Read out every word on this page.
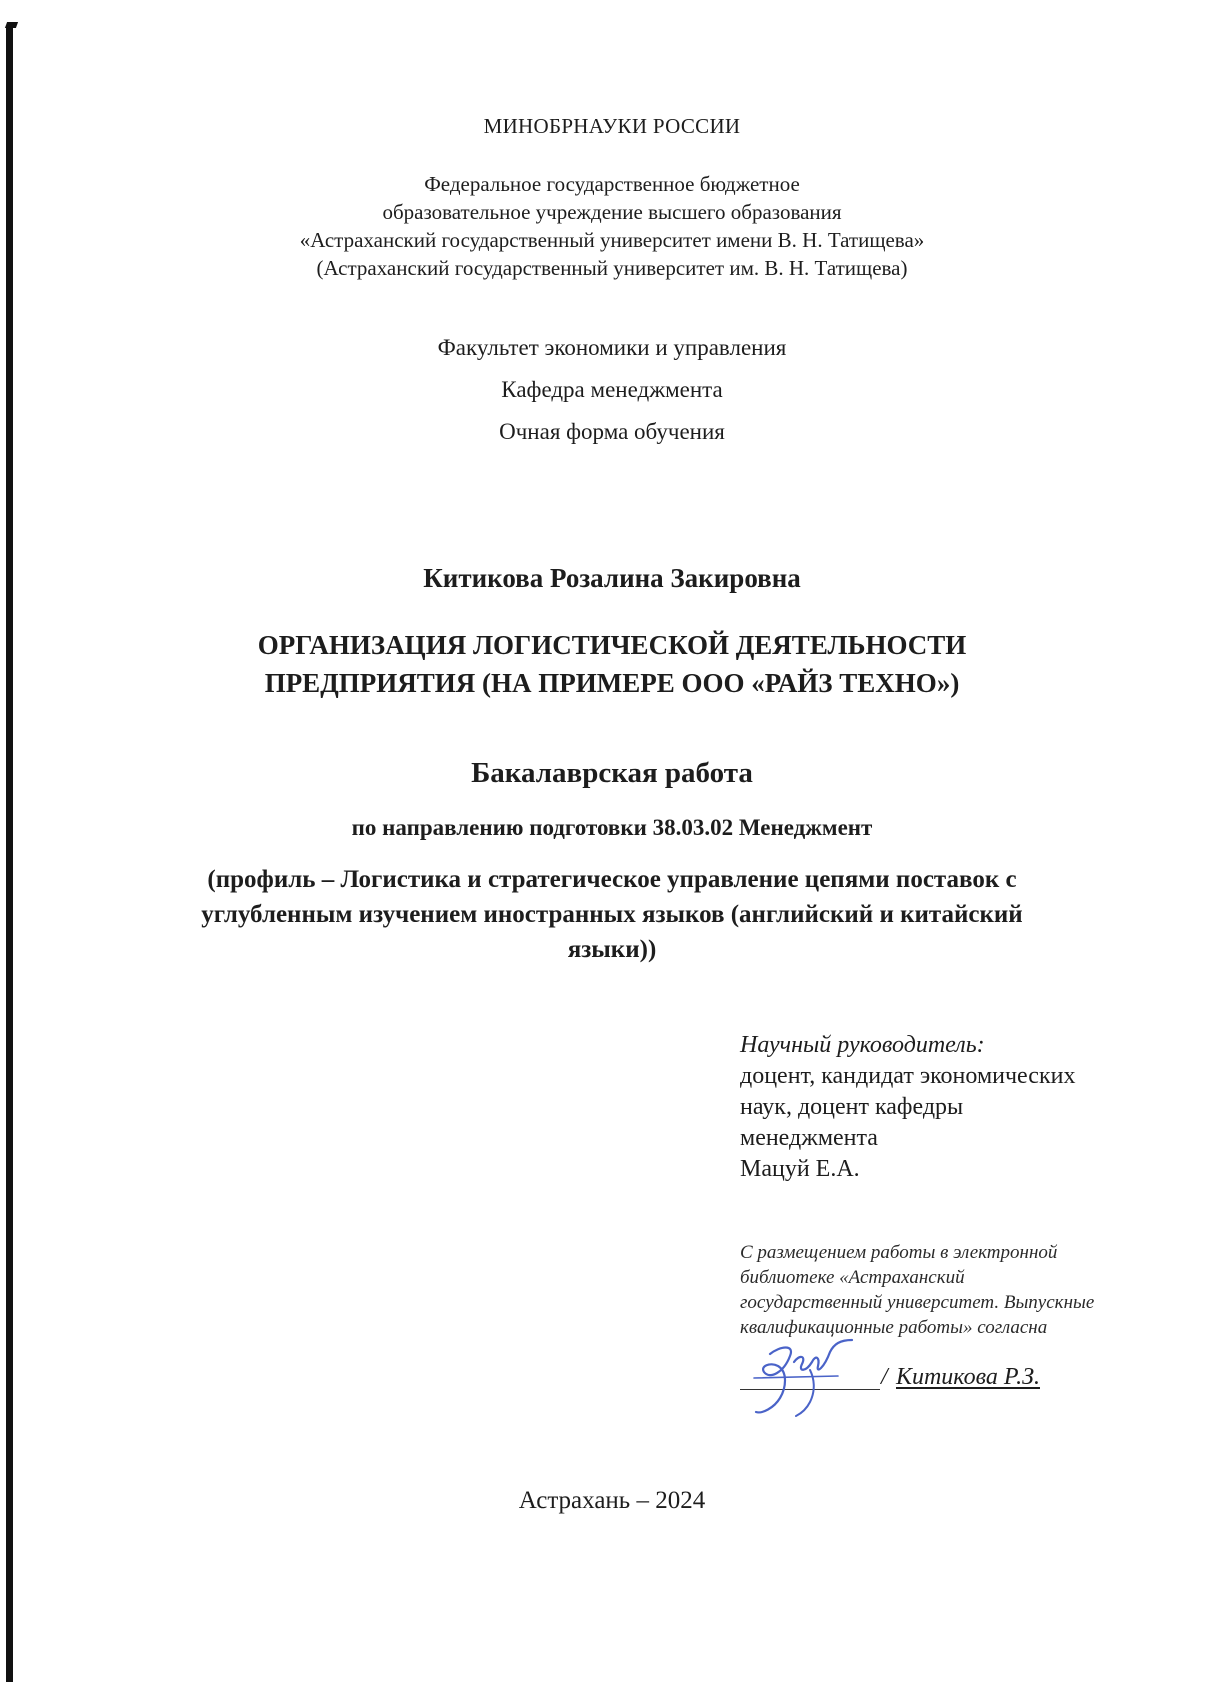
МИНОБРНАУКИ РОССИИ
Федеральное государственное бюджетное
образовательное учреждение высшего образования
«Астраханский государственный университет имени В. Н. Татищева»
(Астраханский государственный университет им. В. Н. Татищева)
Факультет экономики и управления
Кафедра менеджмента
Очная форма обучения
Китикова Розалина Закировна
ОРГАНИЗАЦИЯ ЛОГИСТИЧЕСКОЙ ДЕЯТЕЛЬНОСТИ
ПРЕДПРИЯТИЯ (НА ПРИМЕРЕ ООО «РАЙЗ ТЕХНО»)
Бакалаврская работа
по направлению подготовки 38.03.02 Менеджмент
(профиль – Логистика и стратегическое управление цепями поставок с
углубленным изучением иностранных языков (английский и китайский
языки))
Научный руководитель:
доцент, кандидат экономических
наук, доцент кафедры
менеджмента
Мацуй Е.А.
С размещением работы в электронной
библиотеке «Астраханский
государственный университет. Выпускные
квалификационные работы» согласна
/ Китикова Р.З.
Астрахань – 2024
